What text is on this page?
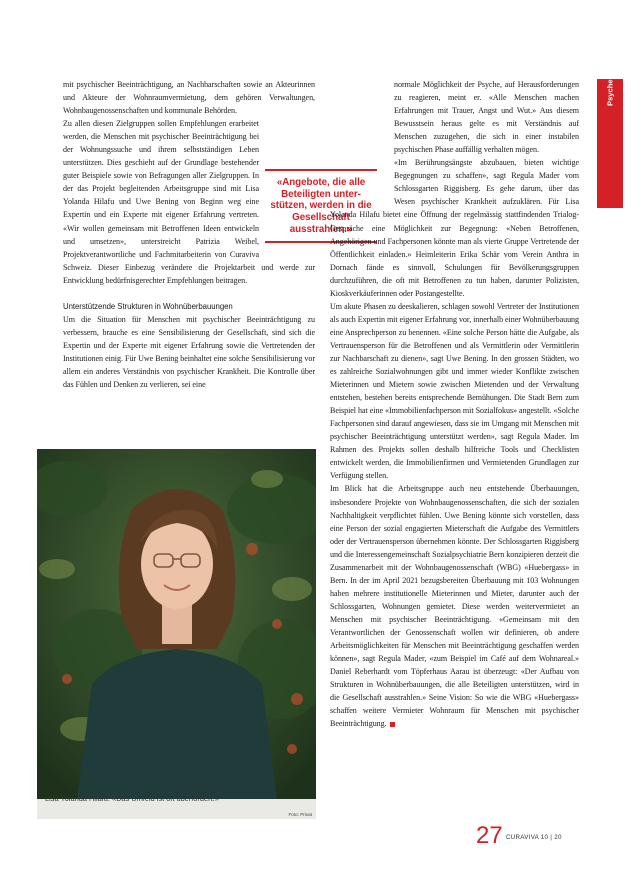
mit psychischer Beeinträchtigung, an Nachbarschaften sowie an Akteurinnen und Akteure der Wohnraumvermietung, dem gehören Verwaltungen, Wohnbaugenossenschaften und kommunale Behörden.

«Angebote, die alle Beteiligten unter-stützen, werden in die Gesellschaft ausstrahlen.»

Zu allen diesen Zielgruppen sollen Empfehlungen erarbeitet werden, die Menschen mit psychischer Beeinträchtigung bei der Wohnungssuche und ihrem selbstständigen Leben unterstützen. Dies geschieht auf der Grundlage bestehender guter Beispiele sowie von Befragungen aller Zielgruppen. In der das Projekt begleitenden Arbeitsgruppe sind mit Lisa Yolanda Hilafu und Uwe Bening von Beginn weg eine Expertin und ein Experte mit eigener Erfahrung vertreten. «Wir wollen gemeinsam mit Betroffenen Ideen entwickeln und umsetzen», unterstreicht Patrizia Weibel, Projektverantwortliche und Fachmitarbeiterin von Curaviva Schweiz. Dieser Einbezug verändere die Projektarbeit und werde zur Entwicklung bedürfnisgerechter Empfehlungen beitragen.

Unterstützende Strukturen in Wohnüberbauungen

Um die Situation für Menschen mit psychischer Beeinträchtigung zu verbessern, brauche es eine Sensibilisierung der Gesellschaft, sind sich die Expertin und der Experte mit eigener Erfahrung sowie die Vertretenden der Institutionen einig. Für Uwe Bening beinhaltet eine solche Sensibilisierung vor allem ein anderes Verständnis von psychischer Krankheit. Die Kontrolle über das Fühlen und Denken zu verlieren, sei eine

normale Möglichkeit der Psyche, auf Herausforderungen zu reagieren, meint er. «Alle Menschen machen Erfahrungen mit Trauer, Angst und Wut.» Aus diesem Bewusstsein heraus gelte es mit Verständnis auf Menschen zuzugehen, die sich in einer instabilen psychischen Phase auffällig verhalten mögen.

«Im Berührungsängste abzubauen, bieten wichtige Begegnungen zu schaffen», sagt Regula Mader vom Schlossgarten Riggisberg. Es gehe darum, über das Wesen psychischer Krankheit aufzuklären. Für Lisa Yolanda Hilafu bietet eine Öffnung der regelmässig stattfindenden Trialog-Gespräche eine Möglichkeit zur Begegnung: «Neben Betroffenen, Angehörigen und Fachpersonen könnte man als vierte Gruppe Vertretende der Öffentlichkeit einladen.» Heimleiterin Erika Schär vom Verein Anthra in Dornach fände es sinnvoll, Schulungen für Bevölkerungsgruppen durchzuführen, die oft mit Betroffenen zu tun haben, darunter Polizisten, Kioskverkäuferinnen oder Postangestellte.

Um akute Phasen zu deeskalieren, schlagen sowohl Vertreter der Institutionen als auch Expertin mit eigener Erfahrung vor, innerhalb einer Wohnüberbauung eine Ansprechperson zu benennen. «Eine solche Person hätte die Aufgabe, als Vertrauensperson für die Betroffenen und als Vermittlerin oder Vermittlerin zur Nachbarschaft zu dienen», sagt Uwe Bening. In den grossen Städten, wo es zahlreiche Sozialwohnungen gibt und immer wieder Konflikte zwischen Mieterinnen und Mietern sowie zwischen Mietenden und der Verwaltung entstehen, bestehen bereits entsprechende Bemühungen. Die Stadt Bern zum Beispiel hat eine «Immobilienfachperson mit Sozialfokus» angestellt. «Solche Fachpersonen sind darauf angewiesen, dass sie im Umgang mit Menschen mit psychischer Beeinträchtigung unterstützt werden», sagt Regula Mader. Im Rahmen des Projekts sollen deshalb hilfreiche Tools und Checklisten entwickelt werden, die Immobilienfirmen und Vermietenden Grundlagen zur Verfügung stellen.

Im Blick hat die Arbeitsgruppe auch neu entstehende Überbauungen, insbesondere Projekte von Wohnbaugenossenschaften, die sich der sozialen Nachhaltigkeit verpflichtet fühlen. Uwe Bening könnte sich vorstellen, dass eine Person der sozial engagierten Mieterschaft die Aufgabe des Vermittlers oder der Vertrauensperson übernehmen könnte. Der Schlossgarten Riggisberg und die Interessengemeinschaft Sozialpsychiatrie Bern konzipieren derzeit die Zusammenarbeit mit der Wohnbaugenossenschaft (WBG) «Huebergass» in Bern. In der im April 2021 bezugsbereiten Überbauung mit 103 Wohnungen haben mehrere institutionelle Mieterinnen und Mieter, darunter auch der Schlossgarten, Wohnungen gemietet. Diese werden weitervermietet an Menschen mit psychischer Beeinträchtigung. «Gemeinsam mit den Verantwortlichen der Genossenschaft wollen wir definieren, ob andere Arbeitsmöglichkeiten für Menschen mit Beeinträchtigung geschaffen werden können», sagt Regula Mader, «zum Beispiel im Café auf dem Wohnareal.» Daniel Reberhardt vom Töpferhaus Aarau ist überzeugt: «Der Aufbau von Strukturen in Wohnüberbauungen, die alle Beteiligten unterstützen, wird in die Gesellschaft ausstrahlen.» Seine Vision: So wie die WBG «Huebergass» schaffen weitere Vermieter Wohnraum für Menschen mit psychischer Beeinträchtigung.

Lisa Yolanda Hilafu: «Das Umfeld ist oft überfordert.»
Foto: Privat
Psyche
27 CURAVIVA 10 | 20
